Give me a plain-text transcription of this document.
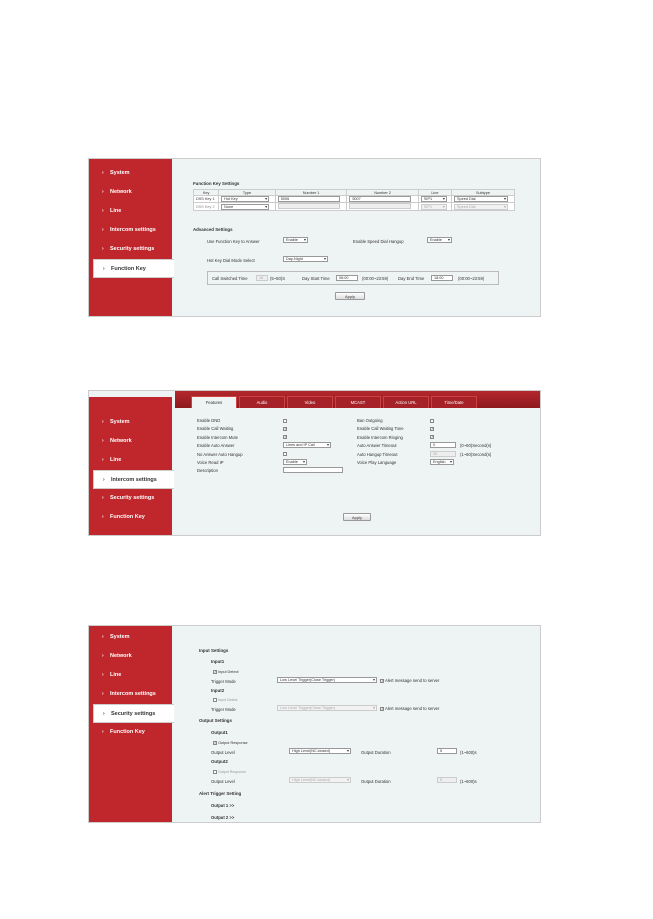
› System
› Network
› Line
› Intercom settings
› Security settings
› Function Key
Function Key Settings
Key	Type	Number 1	Number 2	Line	Subtype
DSS Key 1	Hot Key ▾	5006	5007	SIP1 ▾	Speed Dial ▾
DSS Key 2	None ▾			SIP1 ▾	Speed Dial ▾
Advanced Settings
Use Function Key to Answer	Enable ▾	Enable Speed Dial Hangup	Enable ▾
Hot Key Dial Mode Select	Day-Night ▾
Call Switched Time	16	(5~50)S	Day Start Time	06:00	(00:00~23:59) Day End Time	18:00	(00:00~23:59)
Apply
› System
› Network
› Line
› Intercom settings
› Security settings
› Function Key
Features	Audio	Video	MCAST	Action URL	Time/Date
Enable DND
Enable Call Waiting	✓
Enable Intercom Mute	✓
Enable Auto Answer	Lines and IP Call ▾
No Answer Auto Hangup
Voice Read IP	Enable ▾
Description
Ban Outgoing
Enable Call Waiting Tone	✓
Enable Intercom Ringing	✓
Auto Answer Timeout	0	(0~60)Second(s)
Auto Hangup Timeout	30	(1~60)Second(s)
Voice Play Language	English ▾
Apply
› System
› Network
› Line
› Intercom settings
› Security settings
› Function Key
Input Settings
Input1
✓ Input Detect
Trigger Mode	Low Level Trigger(Close Trigger) ▾	✓ Alert message send to server
Input2
Input Detect
Trigger Mode	Low Level Trigger(Close Trigger) ▾	✓ Alert message send to server
Output Settings
Output1
✓ Output Response
Output Level	High Level(NC:closed) ▾	Output Duration	5	(1~600)s
Output2
Output Response
Output Level	High Level(NC:closed) ▾	Output Duration	5	(1~600)s
Alert Trigger Setting
Output 1 >>
Output 2 >>
